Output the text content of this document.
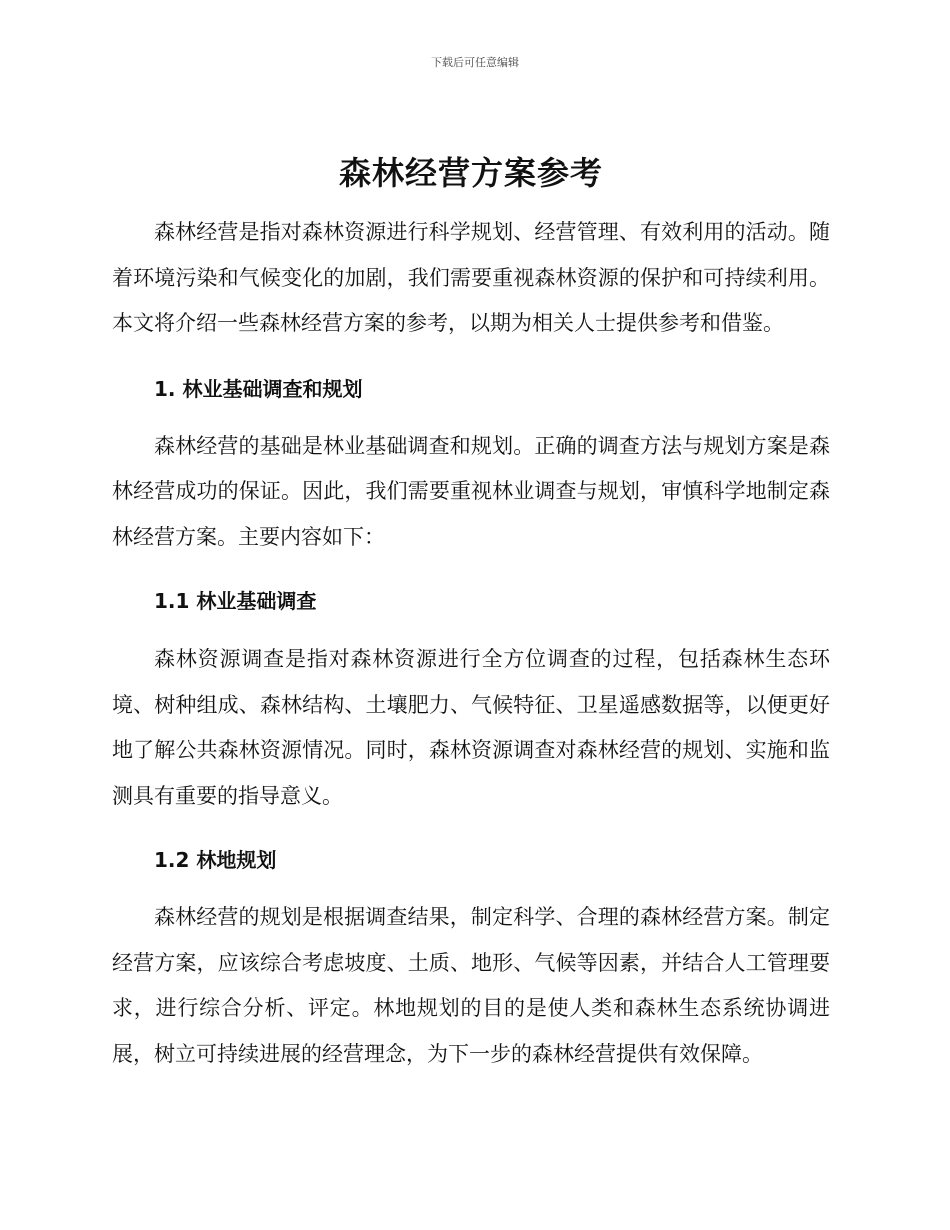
下载后可任意编辑
森林经营方案参考

森林经营是指对森林资源进行科学规划、经营管理、有效利用的活动。随着环境污染和气候变化的加剧，我们需要重视森林资源的保护和可持续利用。本文将介绍一些森林经营方案的参考，以期为相关人士提供参考和借鉴。

1. 林业基础调查和规划

森林经营的基础是林业基础调查和规划。正确的调查方法与规划方案是森林经营成功的保证。因此，我们需要重视林业调查与规划，审慎科学地制定森林经营方案。主要内容如下：

1.1 林业基础调查

森林资源调查是指对森林资源进行全方位调查的过程，包括森林生态环境、树种组成、森林结构、土壤肥力、气候特征、卫星遥感数据等，以便更好地了解公共森林资源情况。同时，森林资源调查对森林经营的规划、实施和监测具有重要的指导意义。

1.2 林地规划

森林经营的规划是根据调查结果，制定科学、合理的森林经营方案。制定经营方案，应该综合考虑坡度、土质、地形、气候等因素，并结合人工管理要求，进行综合分析、评定。林地规划的目的是使人类和森林生态系统协调进展，树立可持续进展的经营理念，为下一步的森林经营提供有效保障。
